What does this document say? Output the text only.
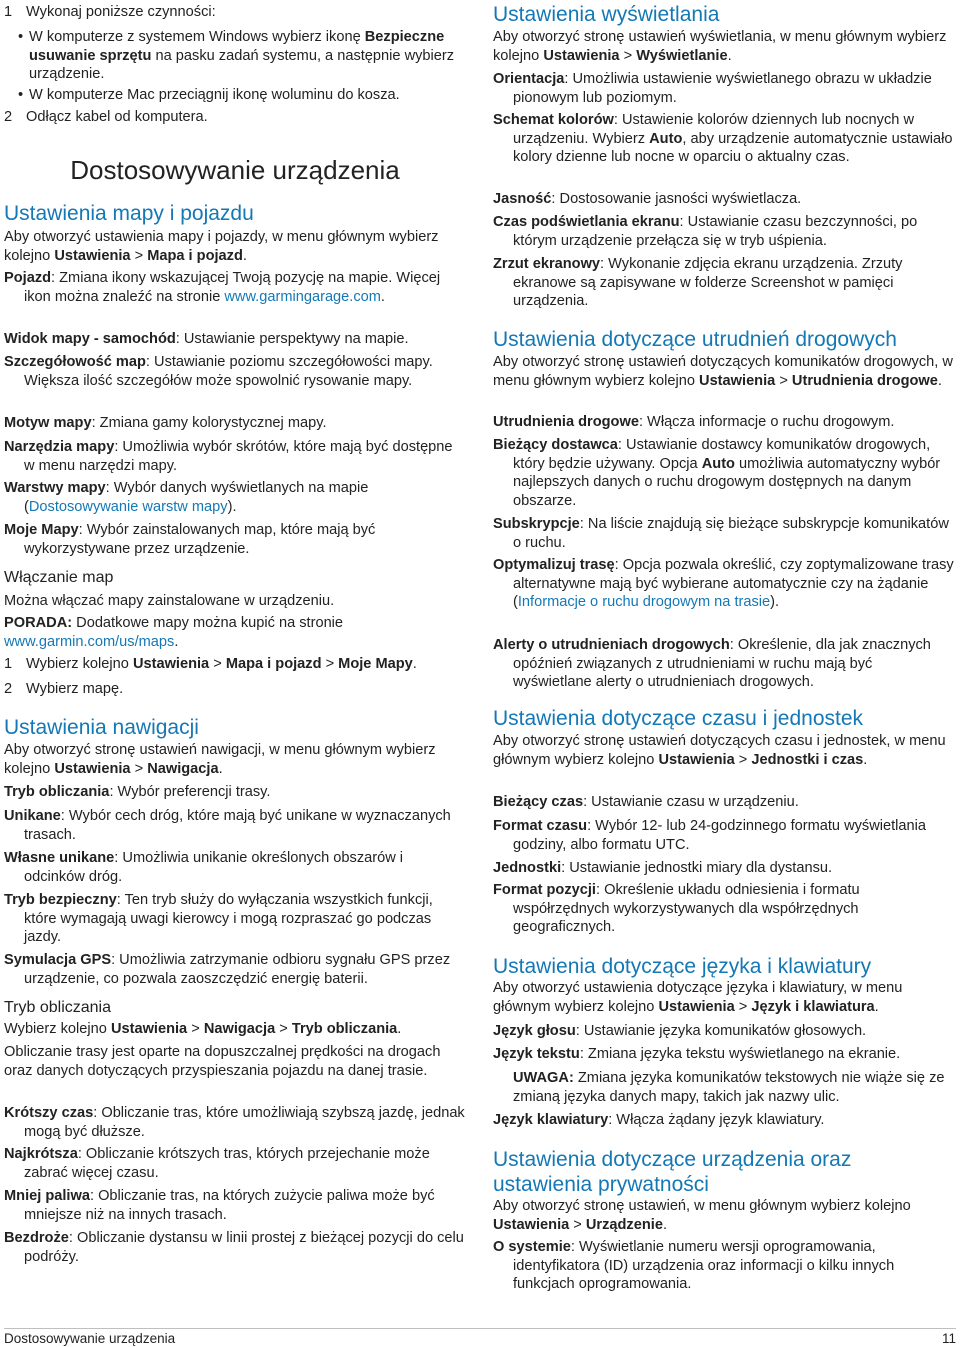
1 Wykonaj poniższe czynności:
• W komputerze z systemem Windows wybierz ikonę Bezpieczne usuwanie sprzętu na pasku zadań systemu, a następnie wybierz urządzenie.
• W komputerze Mac przeciągnij ikonę woluminu do kosza.
2 Odłącz kabel od komputera.
Dostosowywanie urządzenia
Ustawienia mapy i pojazdu
Aby otworzyć ustawienia mapy i pojazdy, w menu głównym wybierz kolejno Ustawienia > Mapa i pojazd.
Pojazd: Zmiana ikony wskazującej Twoją pozycję na mapie. Więcej ikon można znaleźć na stronie www.garmingarage.com.
Widok mapy - samochód: Ustawianie perspektywy na mapie.
Szczegółowość map: Ustawianie poziomu szczegółowości mapy. Większa ilość szczegółów może spowolnić rysowanie mapy.
Motyw mapy: Zmiana gamy kolorystycznej mapy.
Narzędzia mapy: Umożliwia wybór skrótów, które mają być dostępne w menu narzędzi mapy.
Warstwy mapy: Wybór danych wyświetlanych na mapie (Dostosowywanie warstw mapy).
Moje Mapy: Wybór zainstalowanych map, które mają być wykorzystywane przez urządzenie.
Włączanie map
Można włączać mapy zainstalowane w urządzeniu.
PORADA: Dodatkowe mapy można kupić na stronie www.garmin.com/us/maps.
1 Wybierz kolejno Ustawienia > Mapa i pojazd > Moje Mapy.
2 Wybierz mapę.
Ustawienia nawigacji
Aby otworzyć stronę ustawień nawigacji, w menu głównym wybierz kolejno Ustawienia > Nawigacja.
Tryb obliczania: Wybór preferencji trasy.
Unikane: Wybór cech dróg, które mają być unikane w wyznaczanych trasach.
Własne unikane: Umożliwia unikanie określonych obszarów i odcinków dróg.
Tryb bezpieczny: Ten tryb służy do wyłączania wszystkich funkcji, które wymagają uwagi kierowcy i mogą rozpraszać go podczas jazdy.
Symulacja GPS: Umożliwia zatrzymanie odbioru sygnału GPS przez urządzenie, co pozwala zaoszczędzić energię baterii.
Tryb obliczania
Wybierz kolejno Ustawienia > Nawigacja > Tryb obliczania.
Obliczanie trasy jest oparte na dopuszczalnej prędkości na drogach oraz danych dotyczących przyspieszania pojazdu na danej trasie.
Krótszy czas: Obliczanie tras, które umożliwiają szybszą jazdę, jednak mogą być dłuższe.
Najkrótsza: Obliczanie krótszych tras, których przejechanie może zabrać więcej czasu.
Mniej paliwa: Obliczanie tras, na których zużycie paliwa może być mniejsze niż na innych trasach.
Bezdroże: Obliczanie dystansu w linii prostej z bieżącej pozycji do celu podróży.
Ustawienia wyświetlania
Aby otworzyć stronę ustawień wyświetlania, w menu głównym wybierz kolejno Ustawienia > Wyświetlanie.
Orientacja: Umożliwia ustawienie wyświetlanego obrazu w układzie pionowym lub poziomym.
Schemat kolorów: Ustawienie kolorów dziennych lub nocnych w urządzeniu. Wybierz Auto, aby urządzenie automatycznie ustawiało kolory dzienne lub nocne w oparciu o aktualny czas.
Jasność: Dostosowanie jasności wyświetlacza.
Czas podświetlania ekranu: Ustawianie czasu bezczynności, po którym urządzenie przełącza się w tryb uśpienia.
Zrzut ekranowy: Wykonanie zdjęcia ekranu urządzenia. Zrzuty ekranowe są zapisywane w folderze Screenshot w pamięci urządzenia.
Ustawienia dotyczące utrudnień drogowych
Aby otworzyć stronę ustawień dotyczących komunikatów drogowych, w menu głównym wybierz kolejno Ustawienia > Utrudnienia drogowe.
Utrudnienia drogowe: Włącza informacje o ruchu drogowym.
Bieżący dostawca: Ustawianie dostawcy komunikatów drogowych, który będzie używany. Opcja Auto umożliwia automatyczny wybór najlepszych danych o ruchu drogowym dostępnych na danym obszarze.
Subskrypcje: Na liście znajdują się bieżące subskrypcje komunikatów o ruchu.
Optymalizuj trasę: Opcja pozwala określić, czy zoptymalizowane trasy alternatywne mają być wybierane automatycznie czy na żądanie (Informacje o ruchu drogowym na trasie).
Alerty o utrudnieniach drogowych: Określenie, dla jak znacznych opóźnień związanych z utrudnieniami w ruchu mają być wyświetlane alerty o utrudnieniach drogowych.
Ustawienia dotyczące czasu i jednostek
Aby otworzyć stronę ustawień dotyczących czasu i jednostek, w menu głównym wybierz kolejno Ustawienia > Jednostki i czas.
Bieżący czas: Ustawianie czasu w urządzeniu.
Format czasu: Wybór 12- lub 24-godzinnego formatu wyświetlania godziny, albo formatu UTC.
Jednostki: Ustawianie jednostki miary dla dystansu.
Format pozycji: Określenie układu odniesienia i formatu współrzędnych wykorzystywanych dla współrzędnych geograficznych.
Ustawienia dotyczące języka i klawiatury
Aby otworzyć ustawienia dotyczące języka i klawiatury, w menu głównym wybierz kolejno Ustawienia > Język i klawiatura.
Język głosu: Ustawianie języka komunikatów głosowych.
Język tekstu: Zmiana języka tekstu wyświetlanego na ekranie.
UWAGA: Zmiana języka komunikatów tekstowych nie wiąże się ze zmianą języka danych mapy, takich jak nazwy ulic.
Język klawiatury: Włącza żądany język klawiatury.
Ustawienia dotyczące urządzenia oraz ustawienia prywatności
Aby otworzyć stronę ustawień, w menu głównym wybierz kolejno Ustawienia > Urządzenie.
O systemie: Wyświetlanie numeru wersji oprogramowania, identyfikatora (ID) urządzenia oraz informacji o kilku innych funkcjach oprogramowania.
Dostosowywanie urządzenia	11
